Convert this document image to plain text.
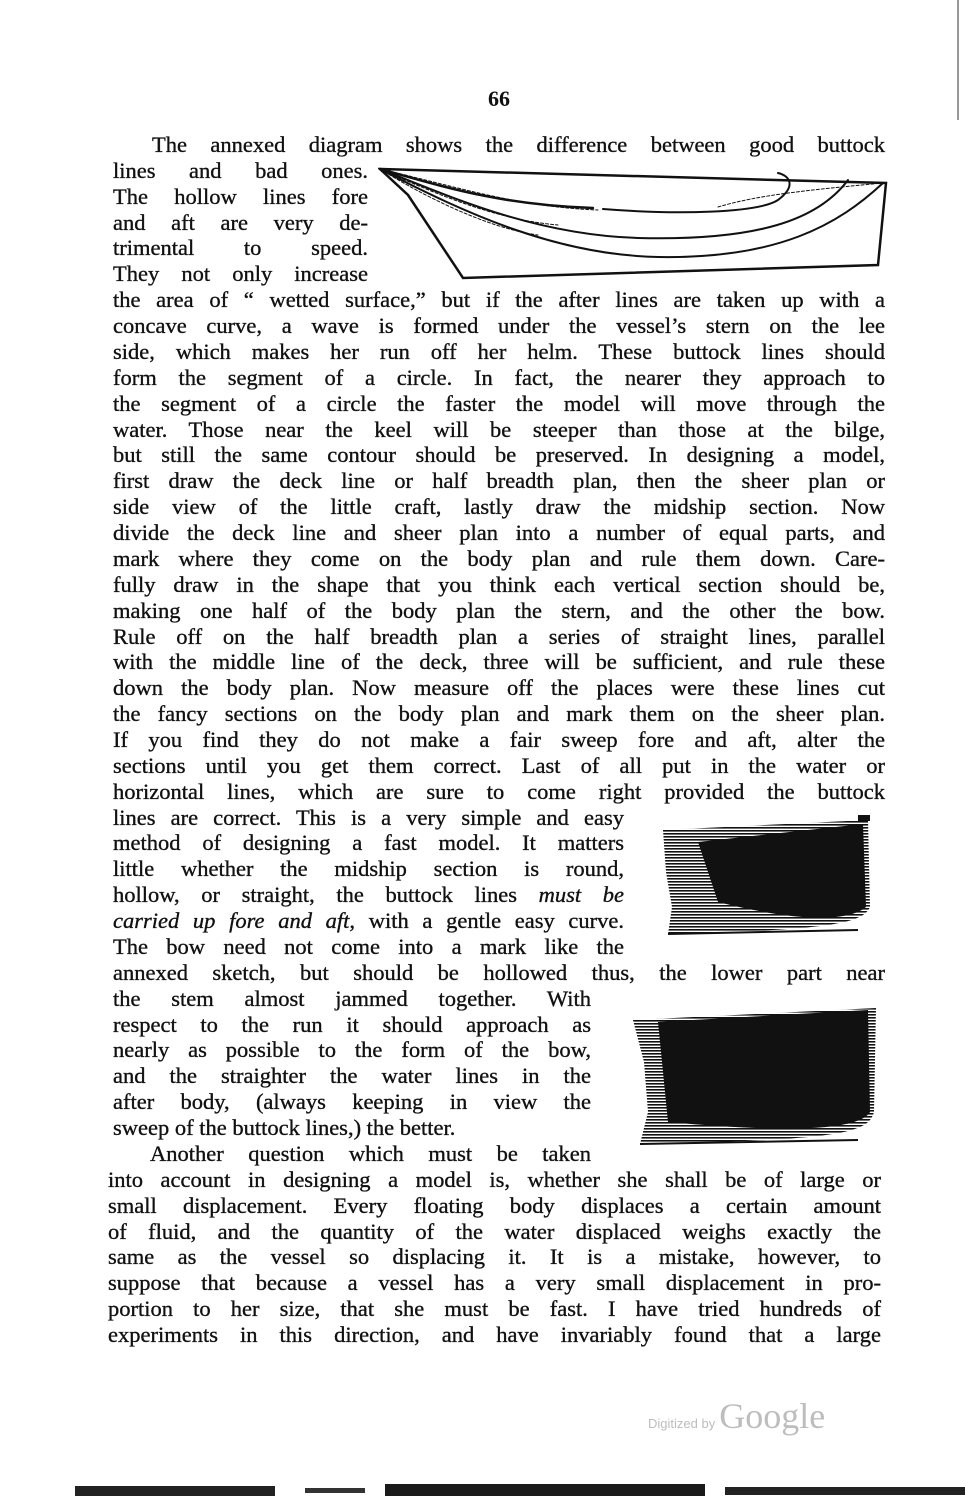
66
The annexed diagram shows the difference between good buttock
lines and bad ones.
The hollow lines fore
and aft are very de-
trimental to speed.
They not only increase
the area of “ wetted surface,” but if the after lines are taken up with a
concave curve, a wave is formed under the vessel’s stern on the lee
side, which makes her run off her helm. These buttock lines should
form the segment of a circle. In fact, the nearer they approach to
the segment of a circle the faster the model will move through the
water. Those near the keel will be steeper than those at the bilge,
but still the same contour should be preserved. In designing a model,
first draw the deck line or half breadth plan, then the sheer plan or
side view of the little craft, lastly draw the midship section. Now
divide the deck line and sheer plan into a number of equal parts, and
mark where they come on the body plan and rule them down. Care-
fully draw in the shape that you think each vertical section should be,
making one half of the body plan the stern, and the other the bow.
Rule off on the half breadth plan a series of straight lines, parallel
with the middle line of the deck, three will be sufficient, and rule these
down the body plan. Now measure off the places were these lines cut
the fancy sections on the body plan and mark them on the sheer plan.
If you find they do not make a fair sweep fore and aft, alter the
sections until you get them correct. Last of all put in the water or
horizontal lines, which are sure to come right provided the buttock
lines are correct. This is a very simple and easy
method of designing a fast model. It matters
little whether the midship section is round,
hollow, or straight, the buttock lines must be
carried up fore and aft, with a gentle easy curve.
The bow need not come into a mark like the
annexed sketch, but should be hollowed thus, the lower part near
the stem almost jammed together. With
respect to the run it should approach as
nearly as possible to the form of the bow,
and the straighter the water lines in the
after body, (always keeping in view the
sweep of the buttock lines,) the better.
Another question which must be taken
into account in designing a model is, whether she shall be of large or
small displacement. Every floating body displaces a certain amount
of fluid, and the quantity of the water displaced weighs exactly the
same as the vessel so displacing it. It is a mistake, however, to
suppose that because a vessel has a very small displacement in pro-
portion to her size, that she must be fast. I have tried hundreds of
experiments in this direction, and have invariably found that a large
Digitized by Google
